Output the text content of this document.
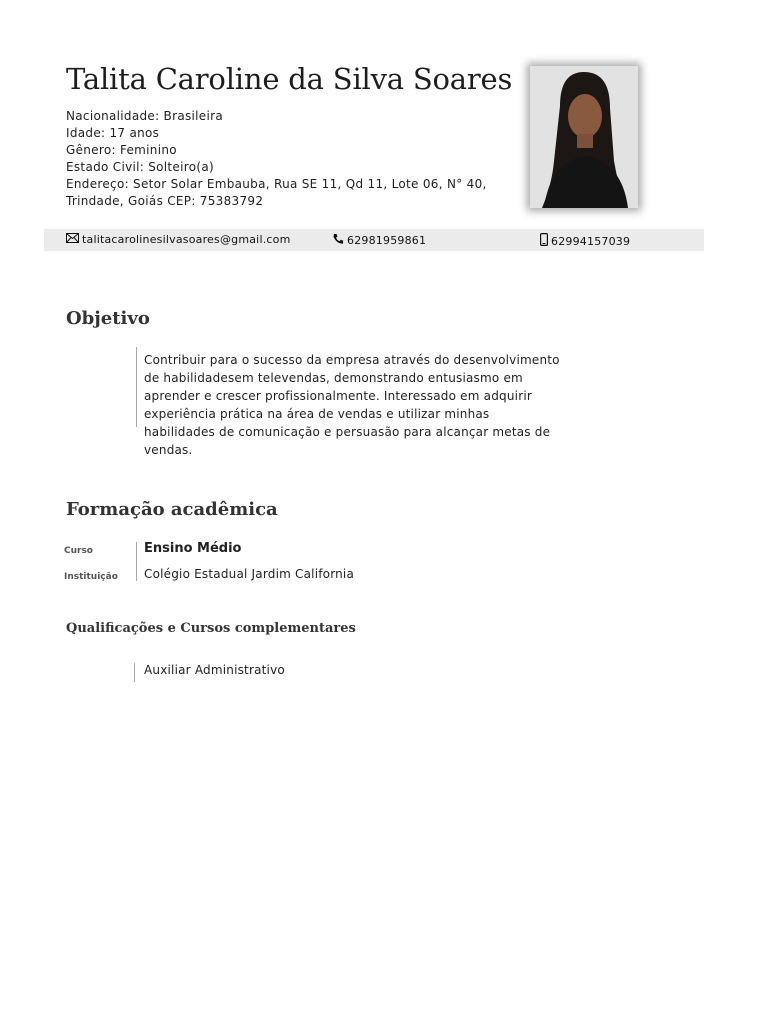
Talita Caroline da Silva Soares
Nacionalidade: Brasileira
Idade: 17 anos
Gênero: Feminino
Estado Civil: Solteiro(a)
Endereço: Setor Solar Embauba, Rua SE 11, Qd 11, Lote 06, N° 40,
Trindade, Goiás CEP: 75383792
talitacarolinesilvasoares@gmail.com	62981959861	62994157039
Objetivo
Contribuir para o sucesso da empresa através do desenvolvimento de habilidadesem televendas, demonstrando entusiasmo em aprender e crescer profissionalmente. Interessado em adquirir experiência prática na área de vendas e utilizar minhas habilidades de comunicação e persuasão para alcançar metas de vendas.
Formação acadêmica
Curso
Instituição
Ensino Médio
Colégio Estadual Jardim California
Qualificações e Cursos complementares
Auxiliar Administrativo
